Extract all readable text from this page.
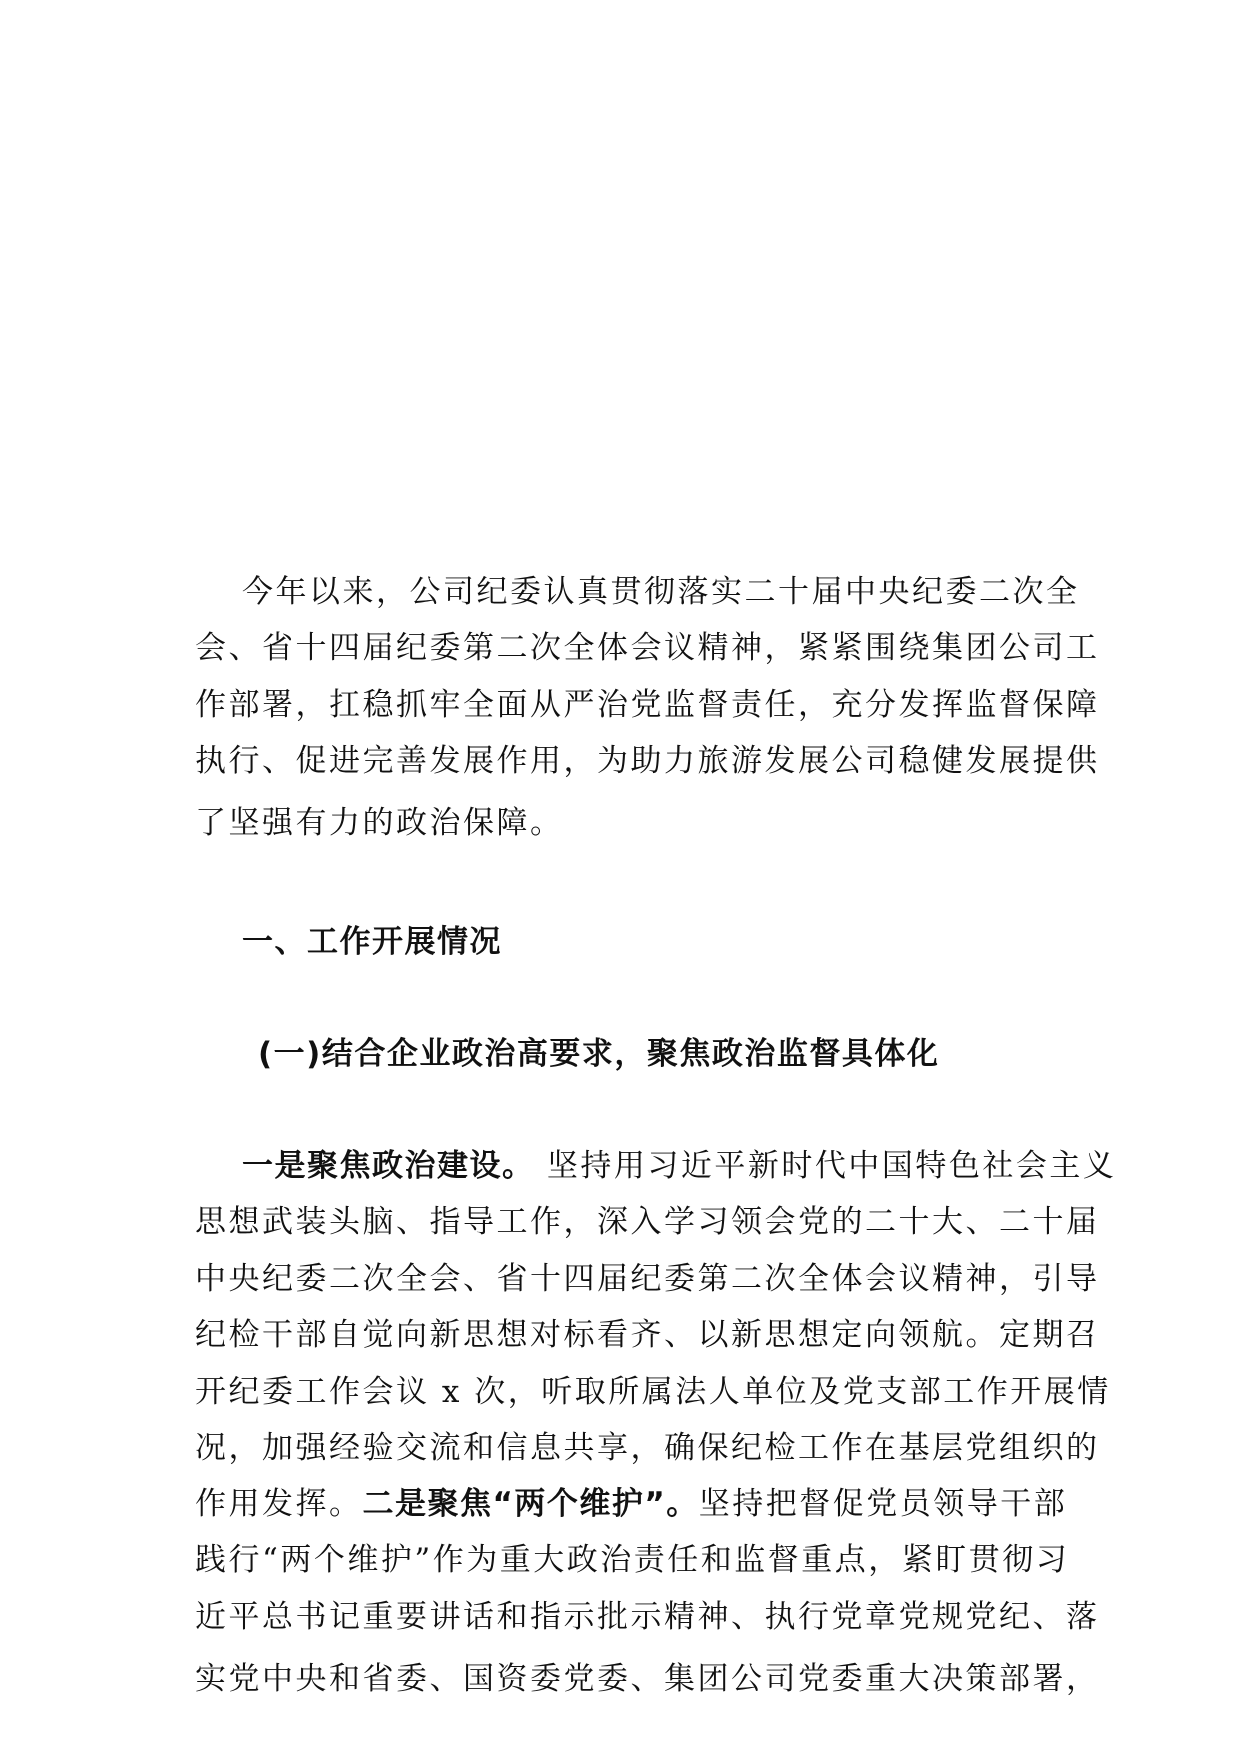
今年以来，公司纪委认真贯彻落实二十届中央纪委二次全
会、省十四届纪委第二次全体会议精神，紧紧围绕集团公司工
作部署，扛稳抓牢全面从严治党监督责任，充分发挥监督保障
执行、促进完善发展作用，为助力旅游发展公司稳健发展提供
了坚强有力的政治保障。
一、工作开展情况
(一)结合企业政治高要求，聚焦政治监督具体化
一是聚焦政治建设。 坚持用习近平新时代中国特色社会主义
思想武装头脑、指导工作，深入学习领会党的二十大、二十届
中央纪委二次全会、省十四届纪委第二次全体会议精神，引导
纪检干部自觉向新思想对标看齐、以新思想定向领航。定期召
开纪委工作会议 x 次，听取所属法人单位及党支部工作开展情
况，加强经验交流和信息共享，确保纪检工作在基层党组织的
作用发挥。二是聚焦“两个维护”。坚持把督促党员领导干部
践行“两个维护”作为重大政治责任和监督重点，紧盯贯彻习
近平总书记重要讲话和指示批示精神、执行党章党规党纪、落
实党中央和省委、国资委党委、集团公司党委重大决策部署，
